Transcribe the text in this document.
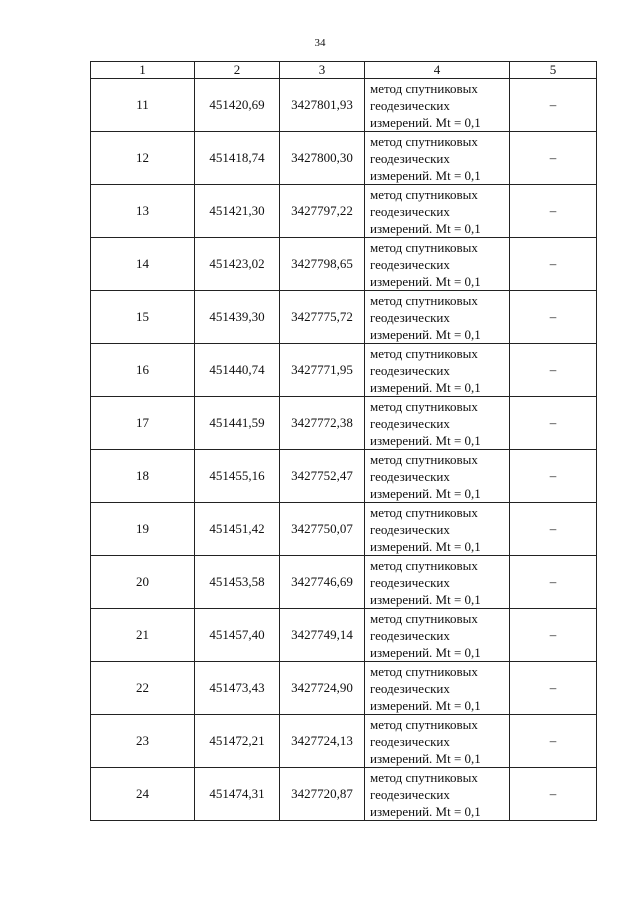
34
1	2	3	4	5
11	451420,69	3427801,93	метод спутниковых
геодезических
измерений. Mt = 0,1	–
12	451418,74	3427800,30	метод спутниковых
геодезических
измерений. Mt = 0,1	–
13	451421,30	3427797,22	метод спутниковых
геодезических
измерений. Mt = 0,1	–
14	451423,02	3427798,65	метод спутниковых
геодезических
измерений. Mt = 0,1	–
15	451439,30	3427775,72	метод спутниковых
геодезических
измерений. Mt = 0,1	–
16	451440,74	3427771,95	метод спутниковых
геодезических
измерений. Mt = 0,1	–
17	451441,59	3427772,38	метод спутниковых
геодезических
измерений. Mt = 0,1	–
18	451455,16	3427752,47	метод спутниковых
геодезических
измерений. Mt = 0,1	–
19	451451,42	3427750,07	метод спутниковых
геодезических
измерений. Mt = 0,1	–
20	451453,58	3427746,69	метод спутниковых
геодезических
измерений. Mt = 0,1	–
21	451457,40	3427749,14	метод спутниковых
геодезических
измерений. Mt = 0,1	–
22	451473,43	3427724,90	метод спутниковых
геодезических
измерений. Mt = 0,1	–
23	451472,21	3427724,13	метод спутниковых
геодезических
измерений. Mt = 0,1	–
24	451474,31	3427720,87	метод спутниковых
геодезических
измерений. Mt = 0,1	–
